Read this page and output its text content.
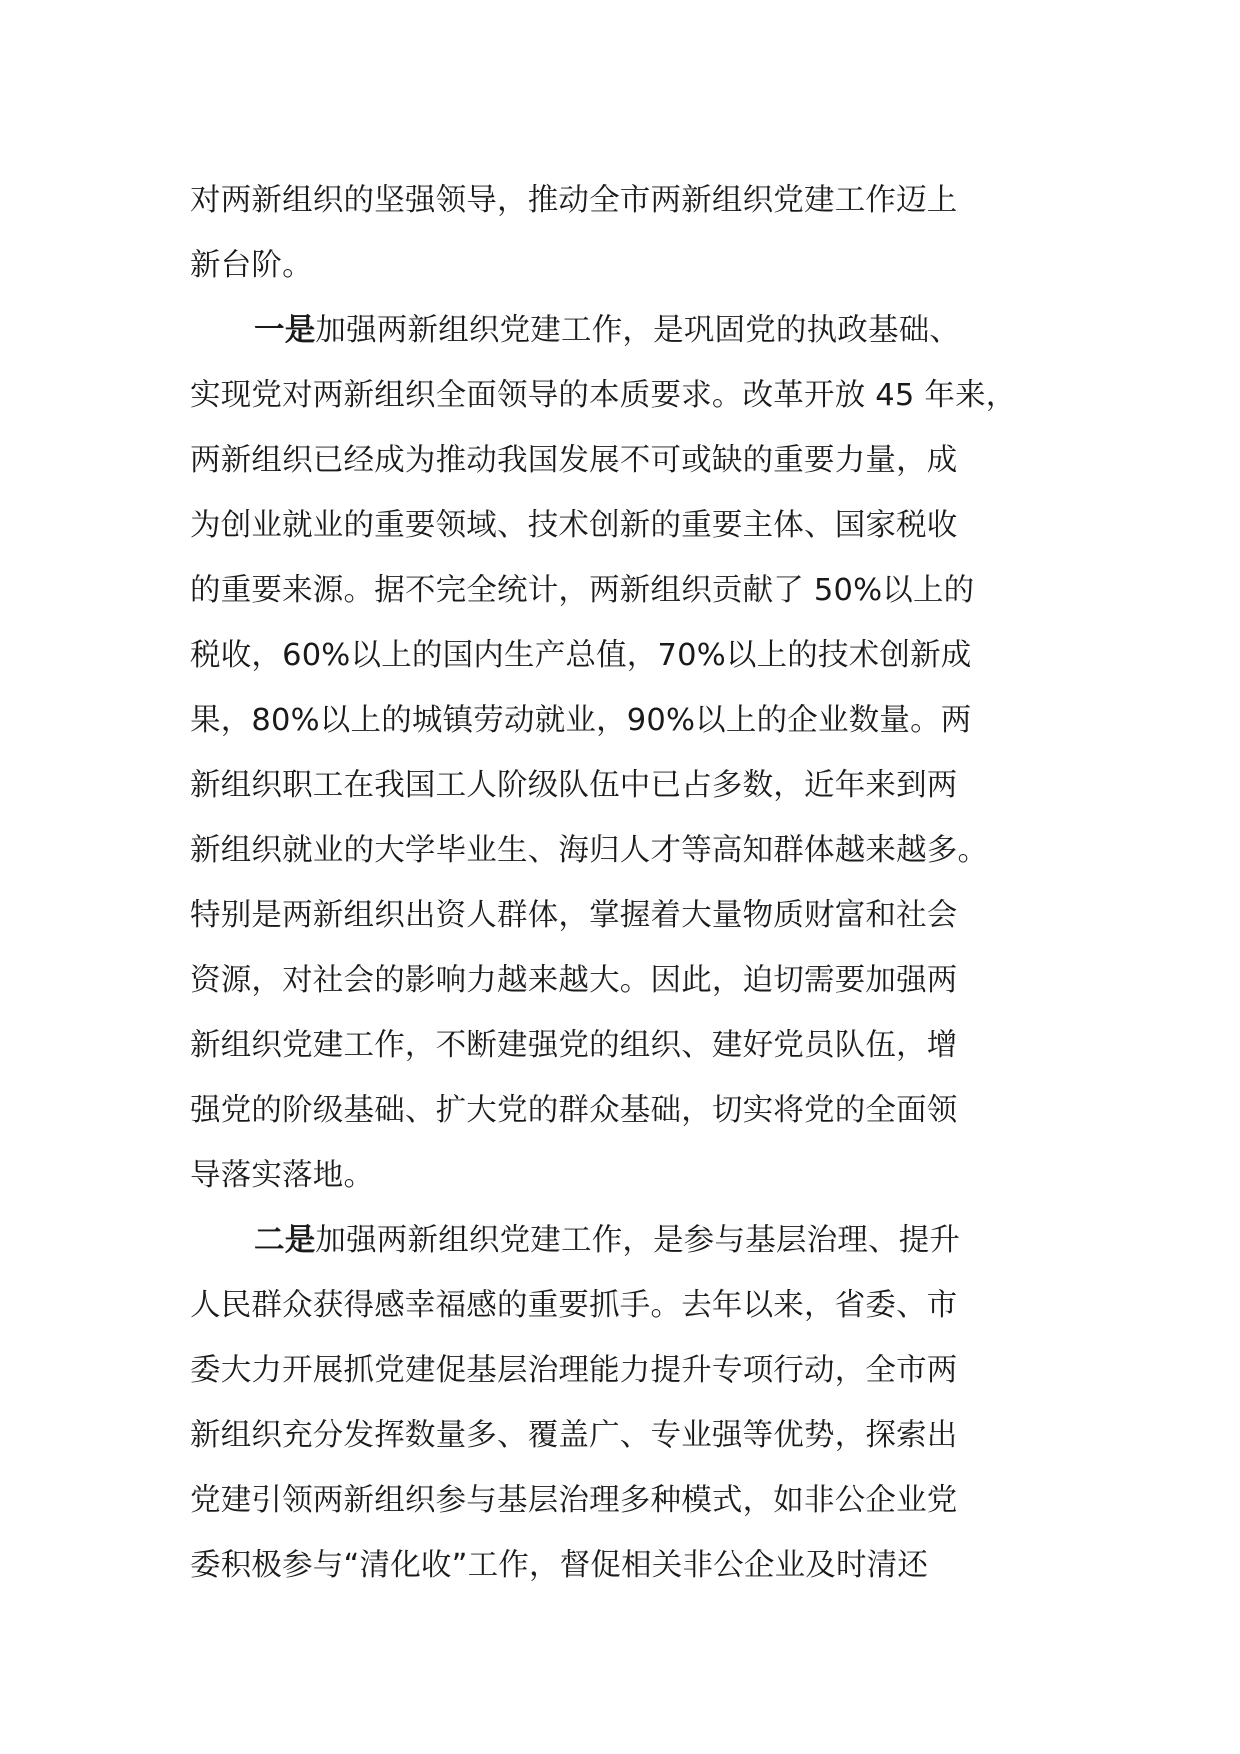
对两新组织的坚强领导，推动全市两新组织党建工作迈上
新台阶。
一是加强两新组织党建工作，是巩固党的执政基础、
实现党对两新组织全面领导的本质要求。改革开放 45 年来，
两新组织已经成为推动我国发展不可或缺的重要力量，成
为创业就业的重要领域、技术创新的重要主体、国家税收
的重要来源。据不完全统计，两新组织贡献了 50%以上的
税收，60%以上的国内生产总值，70%以上的技术创新成
果，80%以上的城镇劳动就业，90%以上的企业数量。两
新组织职工在我国工人阶级队伍中已占多数，近年来到两
新组织就业的大学毕业生、海归人才等高知群体越来越多。
特别是两新组织出资人群体，掌握着大量物质财富和社会
资源，对社会的影响力越来越大。因此，迫切需要加强两
新组织党建工作，不断建强党的组织、建好党员队伍，增
强党的阶级基础、扩大党的群众基础，切实将党的全面领
导落实落地。
二是加强两新组织党建工作，是参与基层治理、提升
人民群众获得感幸福感的重要抓手。去年以来，省委、市
委大力开展抓党建促基层治理能力提升专项行动，全市两
新组织充分发挥数量多、覆盖广、专业强等优势，探索出
党建引领两新组织参与基层治理多种模式，如非公企业党
委积极参与“清化收”工作，督促相关非公企业及时清还
